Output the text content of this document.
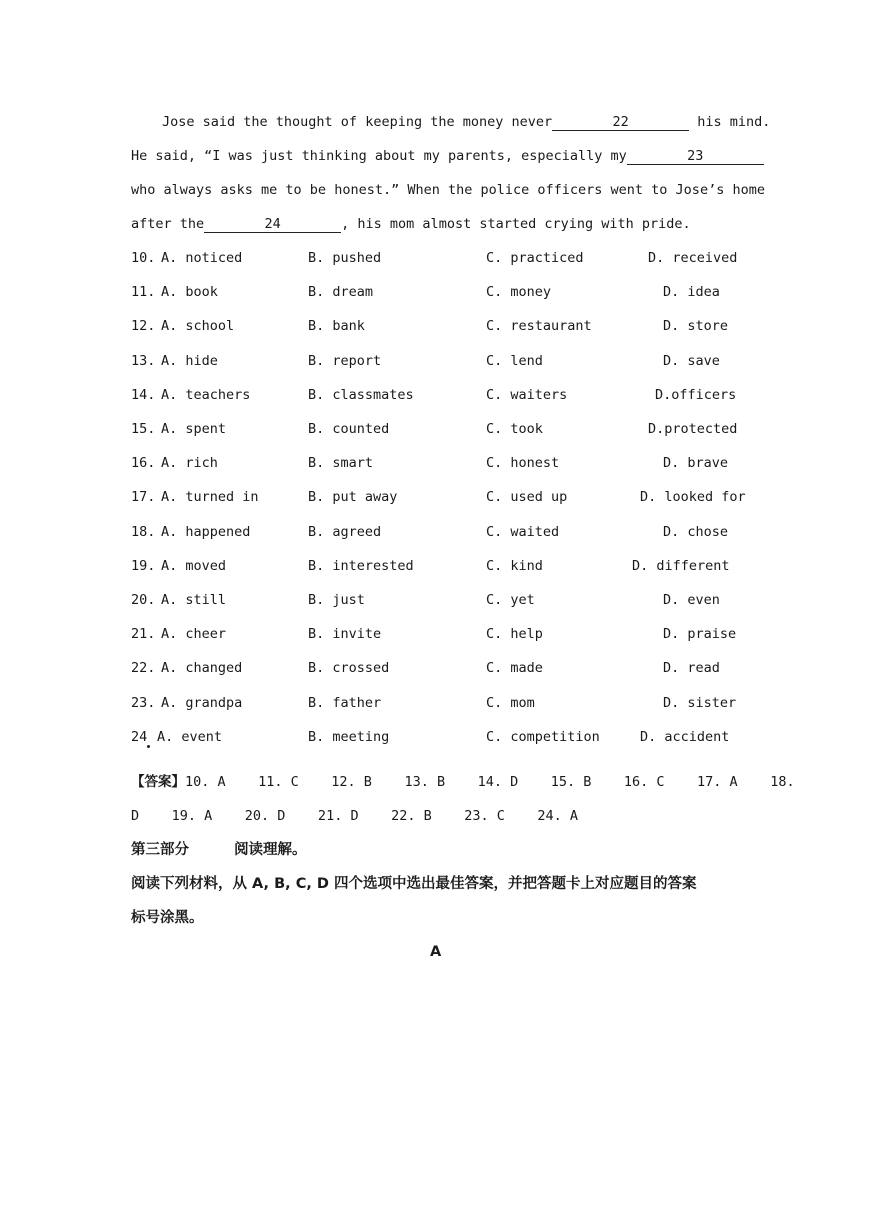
Jose said the thought of keeping the money never	22	his mind.
He said, “I was just thinking about my parents, especially my	23
who always asks me to be honest.” When the police officers went to Jose’s home
after the	24	, his mom almost started crying with pride.
10. A. noticed	B. pushed	C. practiced	D. received
11. A. book	B. dream	C. money	D. idea
12. A. school	B. bank	C. restaurant	D. store
13. A. hide	B. report	C. lend	D. save
14. A. teachers	B. classmates	C. waiters	D.officers
15. A. spent	B. counted	C. took	D.protected
16. A. rich	B. smart	C. honest	D. brave
17. A. turned in	B. put away	C. used up	D. looked for
18. A. happened	B. agreed	C. waited	D. chose
19. A. moved	B. interested	C. kind	D. different
20. A. still	B. just	C. yet	D. even
21. A. cheer	B. invite	C. help	D. praise
22. A. changed	B. crossed	C. made	D. read
23. A. grandpa	B. father	C. mom	D. sister
24 A. event	B. meeting	C. competition	D. accident
【答案】10. A    11. C    12. B    13. B    14. D    15. B    16. C    17. A    18.
D    19. A    20. D    21. D    22. B    23. C    24. A
第三部分	阅读理解。
阅读下列材料，从 A, B, C, D 四个选项中选出最佳答案，并把答题卡上对应题目的答案
标号涂黑。
A
